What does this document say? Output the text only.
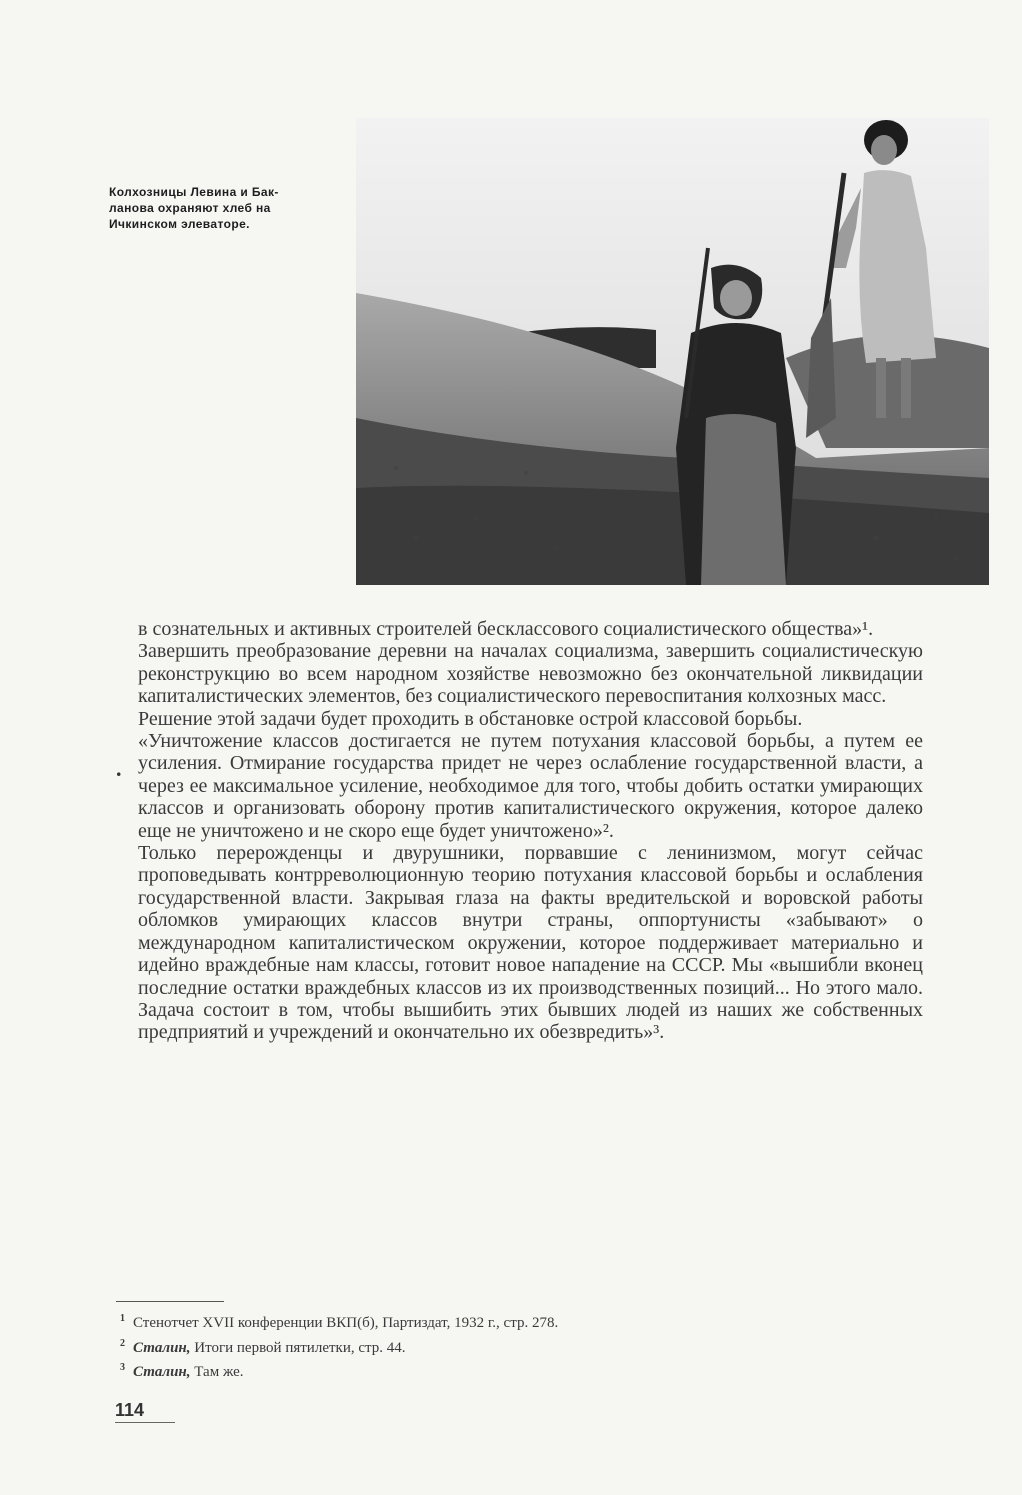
Колхозницы Левина и Бак-
ланова охраняют хлеб на
Ичкинском элеваторе.
.

в сознательных и активных строителей бесклассового социалистического общества»¹.

Завершить преобразование деревни на началах социализма, завершить социалистическую реконструкцию во всем народном хозяйстве невозможно без окончательной ликвидации капиталистических элементов, без социалистического перевоспитания колхозных масс.

Решение этой задачи будет проходить в обстановке острой классовой борьбы.

«Уничтожение классов достигается не путем потухания классовой борьбы, а путем ее усиления. Отмирание государства придет не через ослабление государственной власти, а через ее максимальное усиление, необходимое для того, чтобы добить остатки умирающих классов и организовать оборону против капиталистического окружения, которое далеко еще не уничтожено и не скоро еще будет уничтожено»².

Только перерожденцы и двурушники, порвавшие с ленинизмом, могут сейчас проповедывать контрреволюционную теорию потухания классовой борьбы и ослабления государственной власти. Закрывая глаза на факты вредительской и воровской работы обломков умирающих классов внутри страны, оппортунисты «забывают» о международном капиталистическом окружении, которое поддерживает материально и идейно враждебные нам классы, готовит новое нападение на СССР. Мы «вышибли вконец последние остатки враждебных классов из их производственных позиций... Но этого мало. Задача состоит в том, чтобы вышибить этих бывших людей из наших же собственных предприятий и учреждений и окончательно их обезвредить»³.

$^1$ Стенотчет XVII конференции ВКП(б), Партиздат, 1932 г., стр. 278.
$^2$ Сталин, Итоги первой пятилетки, стр. 44.
$^3$ Сталин, Там же.
114
